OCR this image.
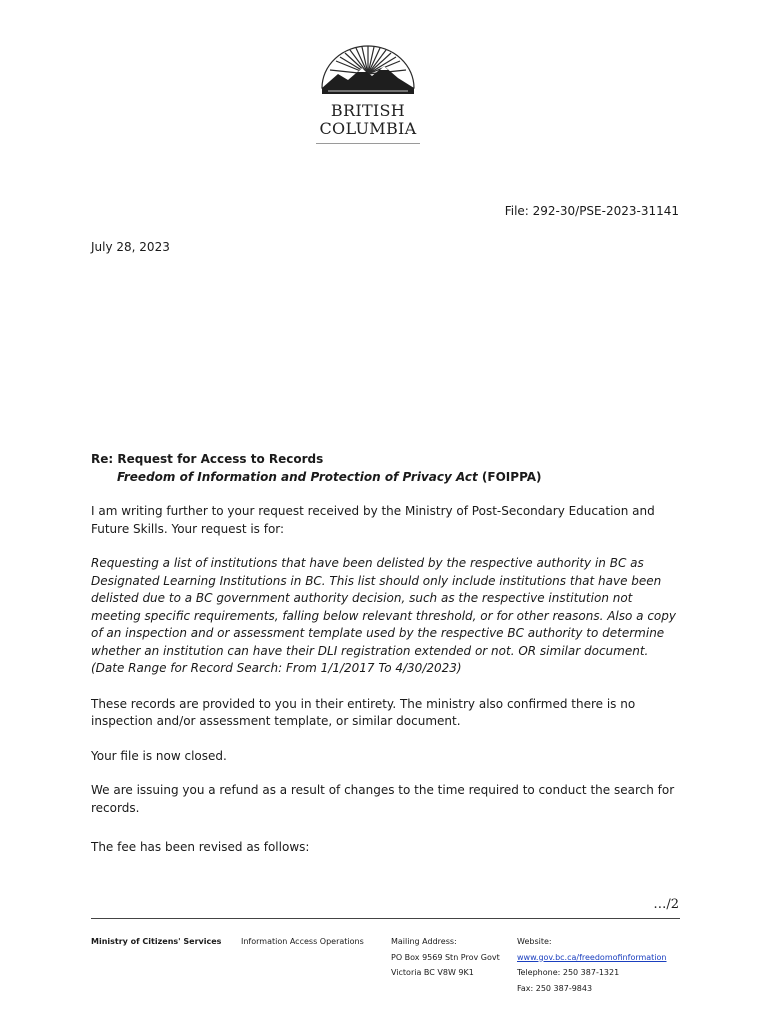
BRITISH
COLUMBIA
File: 292-30/PSE-2023-31141
July 28, 2023
Re: Request for Access to Records
Freedom of Information and Protection of Privacy Act (FOIPPA)

I am writing further to your request received by the Ministry of Post-Secondary Education and Future Skills. Your request is for:

Requesting a list of institutions that have been delisted by the respective authority in BC as Designated Learning Institutions in BC. This list should only include institutions that have been delisted due to a BC government authority decision, such as the respective institution not meeting specific requirements, falling below relevant threshold, or for other reasons. Also a copy of an inspection and or assessment template used by the respective BC authority to determine whether an institution can have their DLI registration extended or not. OR similar document. (Date Range for Record Search: From 1/1/2017 To 4/30/2023)

These records are provided to you in their entirety. The ministry also confirmed there is no inspection and/or assessment template, or similar document.

Your file is now closed.

We are issuing you a refund as a result of changes to the time required to conduct the search for records.

The fee has been revised as follows:

…/2
Ministry of Citizens' Services Information Access Operations	Mailing Address:
PO Box 9569 Stn Prov Govt
Victoria BC V8W 9K1
Website:
www.gov.bc.ca/freedomofinformation
Telephone: 250 387-1321
Fax: 250 387-9843
